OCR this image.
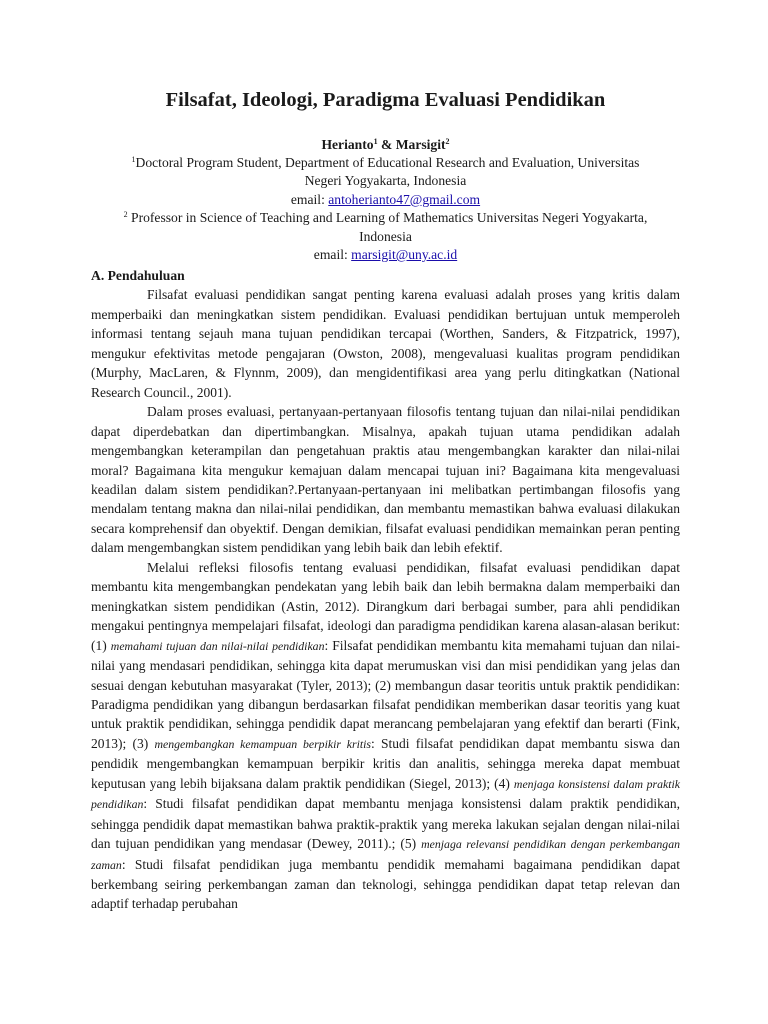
Filsafat, Ideologi, Paradigma Evaluasi Pendidikan

Herianto$^1$ & Marsigit$^2$

$^1$Doctoral Program Student, Department of Educational Research and Evaluation, Universitas
Negeri Yogyakarta, Indonesia

email: antoherianto47@gmail.com

$^2$ Professor in Science of Teaching and Learning of Mathematics Universitas Negeri Yogyakarta,
Indonesia

email: marsigit@uny.ac.id

A. Pendahuluan

Filsafat evaluasi pendidikan sangat penting karena evaluasi adalah proses yang kritis dalam memperbaiki dan meningkatkan sistem pendidikan. Evaluasi pendidikan bertujuan untuk memperoleh informasi tentang sejauh mana tujuan pendidikan tercapai (Worthen, Sanders, & Fitzpatrick, 1997), mengukur efektivitas metode pengajaran (Owston, 2008), mengevaluasi kualitas program pendidikan (Murphy, MacLaren, & Flynnm, 2009), dan mengidentifikasi area yang perlu ditingkatkan (National Research Council., 2001).

Dalam proses evaluasi, pertanyaan-pertanyaan filosofis tentang tujuan dan nilai-nilai pendidikan dapat diperdebatkan dan dipertimbangkan. Misalnya, apakah tujuan utama pendidikan adalah mengembangkan keterampilan dan pengetahuan praktis atau mengembangkan karakter dan nilai-nilai moral? Bagaimana kita mengukur kemajuan dalam mencapai tujuan ini? Bagaimana kita mengevaluasi keadilan dalam sistem pendidikan?.Pertanyaan-pertanyaan ini melibatkan pertimbangan filosofis yang mendalam tentang makna dan nilai-nilai pendidikan, dan membantu memastikan bahwa evaluasi dilakukan secara komprehensif dan obyektif. Dengan demikian, filsafat evaluasi pendidikan memainkan peran penting dalam mengembangkan sistem pendidikan yang lebih baik dan lebih efektif.

Melalui refleksi filosofis tentang evaluasi pendidikan, filsafat evaluasi pendidikan dapat membantu kita mengembangkan pendekatan yang lebih baik dan lebih bermakna dalam memperbaiki dan meningkatkan sistem pendidikan (Astin, 2012). Dirangkum dari berbagai sumber, para ahli pendidikan mengakui pentingnya mempelajari filsafat, ideologi dan paradigma pendidikan karena alasan-alasan berikut: (1) memahami tujuan dan nilai-nilai pendidikan: Filsafat pendidikan membantu kita memahami tujuan dan nilai-nilai yang mendasari pendidikan, sehingga kita dapat merumuskan visi dan misi pendidikan yang jelas dan sesuai dengan kebutuhan masyarakat (Tyler, 2013); (2) membangun dasar teoritis untuk praktik pendidikan: Paradigma pendidikan yang dibangun berdasarkan filsafat pendidikan memberikan dasar teoritis yang kuat untuk praktik pendidikan, sehingga pendidik dapat merancang pembelajaran yang efektif dan berarti (Fink, 2013); (3) mengembangkan kemampuan berpikir kritis: Studi filsafat pendidikan dapat membantu siswa dan pendidik mengembangkan kemampuan berpikir kritis dan analitis, sehingga mereka dapat membuat keputusan yang lebih bijaksana dalam praktik pendidikan (Siegel, 2013); (4) menjaga konsistensi dalam praktik pendidikan: Studi filsafat pendidikan dapat membantu menjaga konsistensi dalam praktik pendidikan, sehingga pendidik dapat memastikan bahwa praktik-praktik yang mereka lakukan sejalan dengan nilai-nilai dan tujuan pendidikan yang mendasar (Dewey, 2011).; (5) menjaga relevansi pendidikan dengan perkembangan zaman: Studi filsafat pendidikan juga membantu pendidik memahami bagaimana pendidikan dapat berkembang seiring perkembangan zaman dan teknologi, sehingga pendidikan dapat tetap relevan dan adaptif terhadap perubahan
